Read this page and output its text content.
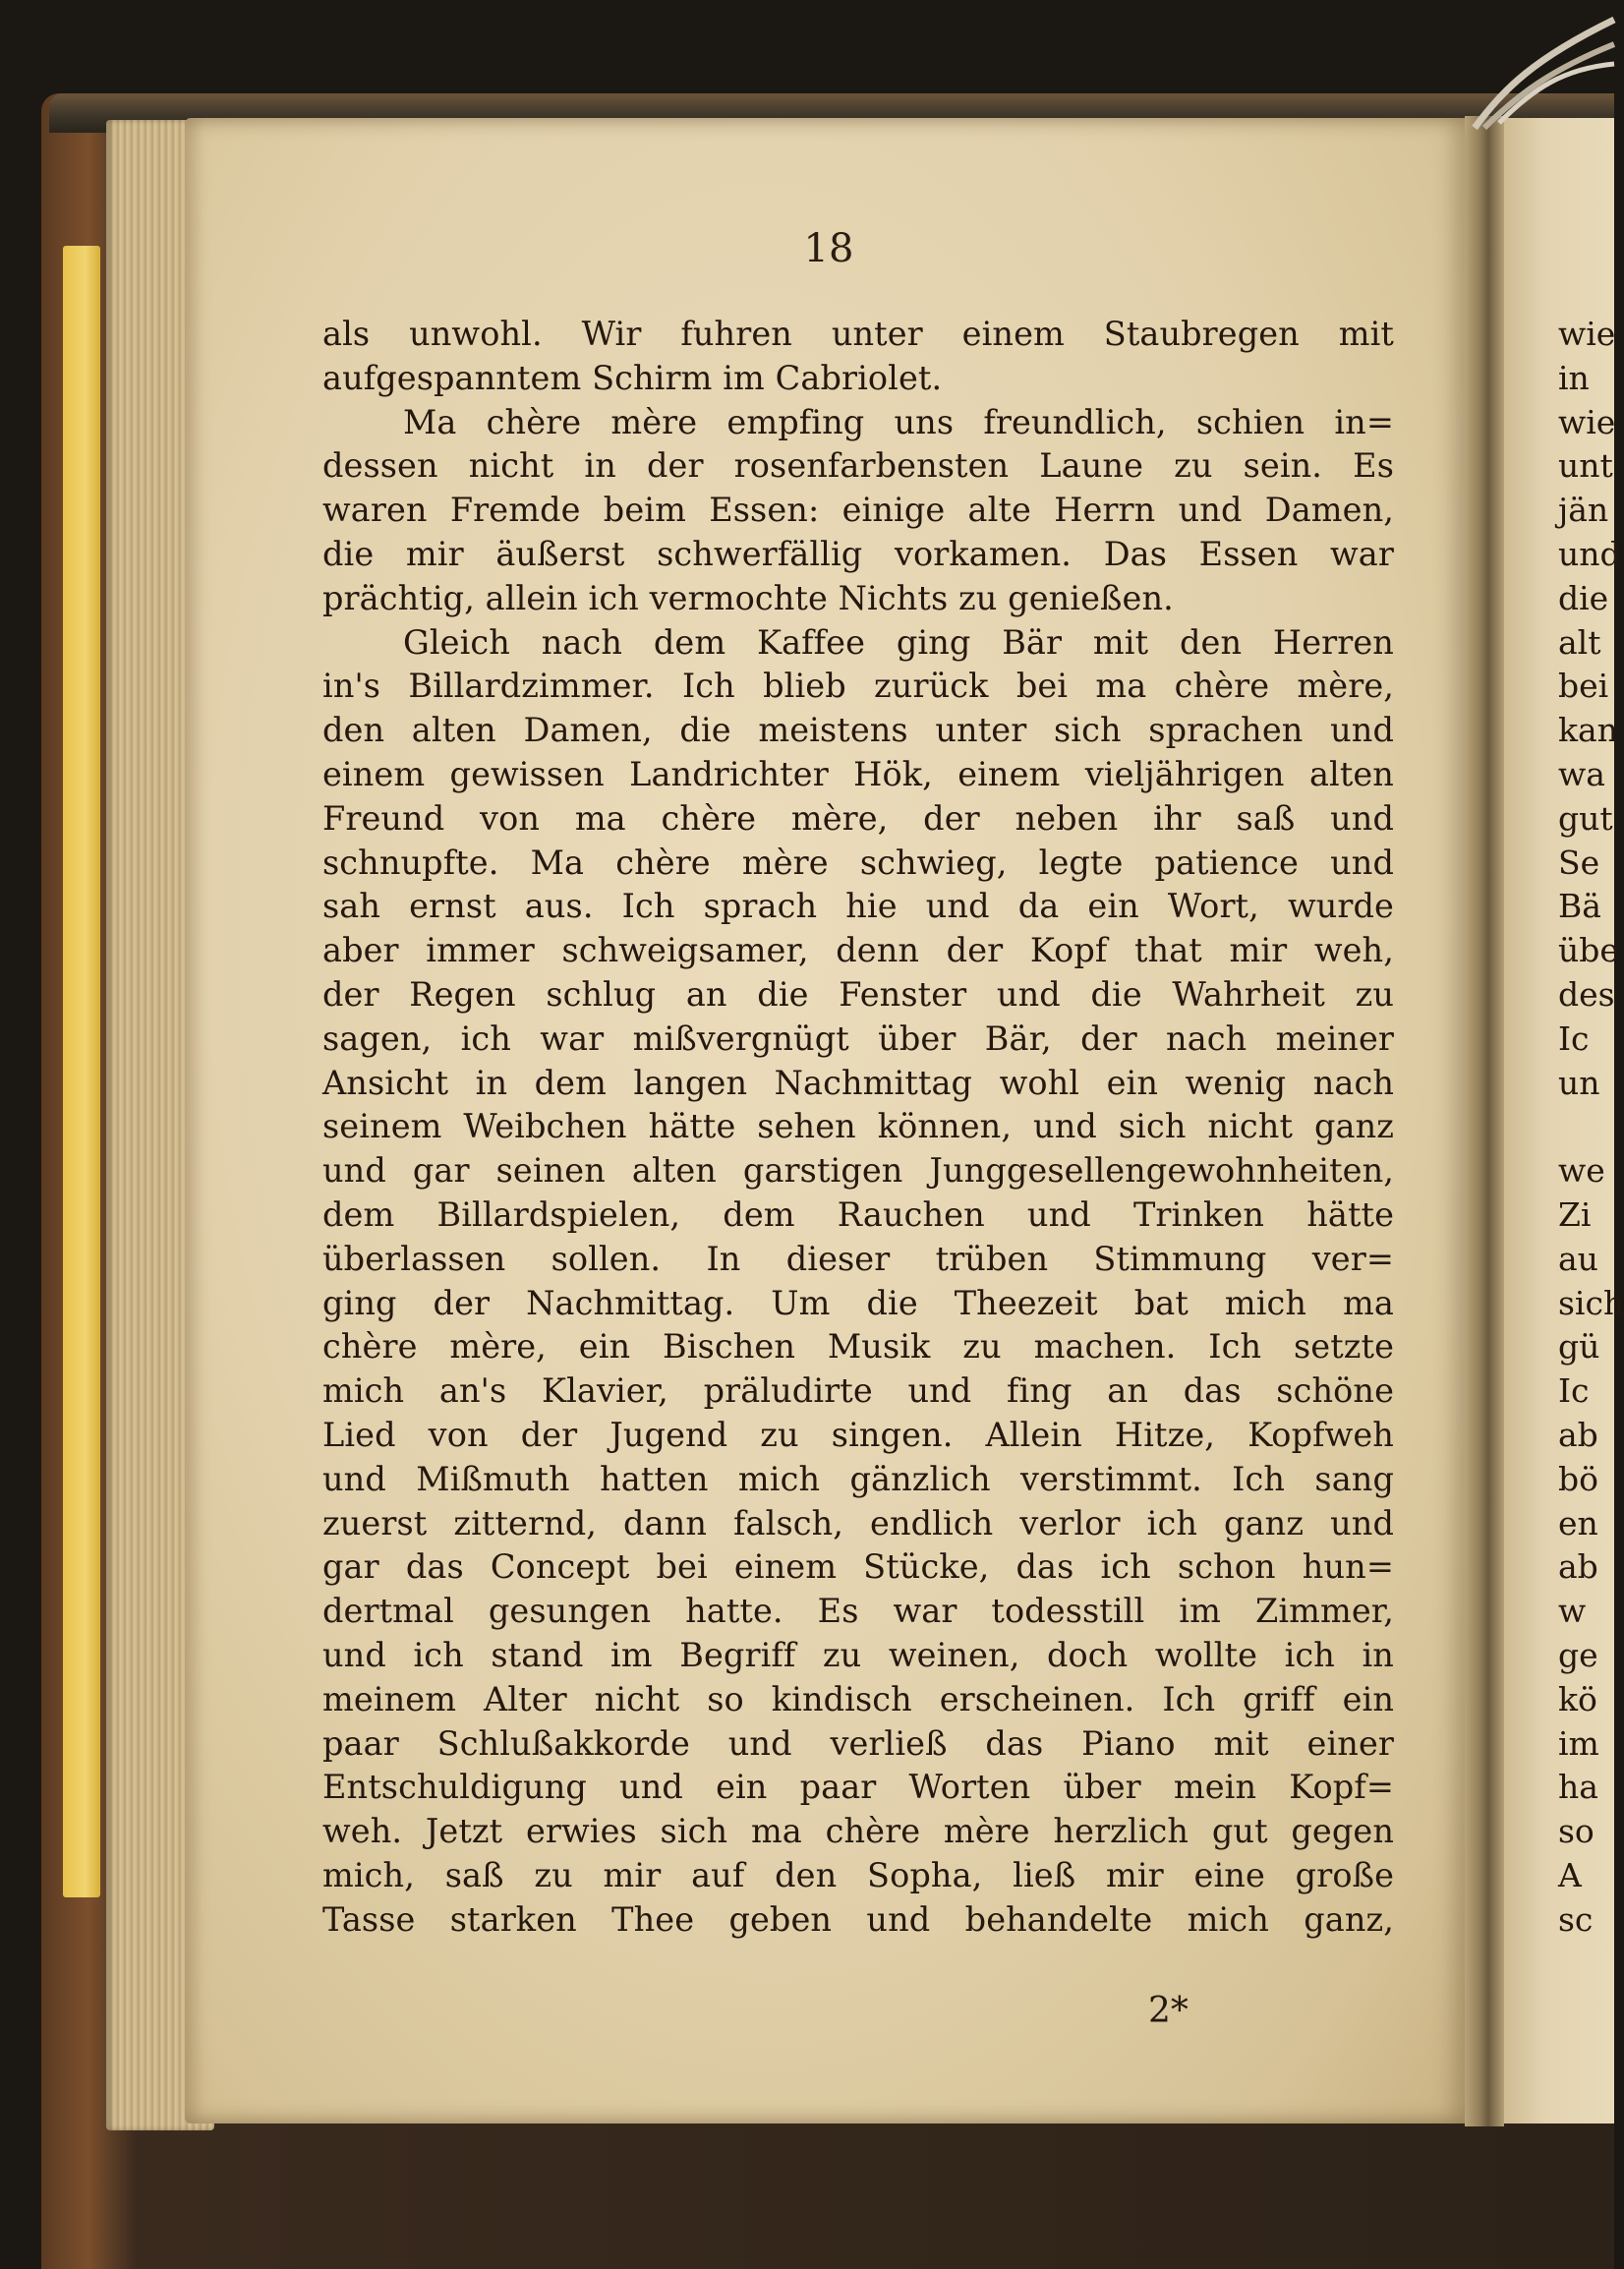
18
als unwohl. Wir fuhren unter einem Staubregen mit
aufgespanntem Schirm im Cabriolet.
Ma chère mère empfing uns freundlich, schien in=
dessen nicht in der rosenfarbensten Laune zu sein. Es
waren Fremde beim Essen: einige alte Herrn und Damen,
die mir äußerst schwerfällig vorkamen. Das Essen war
prächtig, allein ich vermochte Nichts zu genießen.
Gleich nach dem Kaffee ging Bär mit den Herren
in's Billardzimmer. Ich blieb zurück bei ma chère mère,
den alten Damen, die meistens unter sich sprachen und
einem gewissen Landrichter Hök, einem vieljährigen alten
Freund von ma chère mère, der neben ihr saß und
schnupfte. Ma chère mère schwieg, legte patience und
sah ernst aus. Ich sprach hie und da ein Wort, wurde
aber immer schweigsamer, denn der Kopf that mir weh,
der Regen schlug an die Fenster und die Wahrheit zu
sagen, ich war mißvergnügt über Bär, der nach meiner
Ansicht in dem langen Nachmittag wohl ein wenig nach
seinem Weibchen hätte sehen können, und sich nicht ganz
und gar seinen alten garstigen Junggesellengewohnheiten,
dem Billardspielen, dem Rauchen und Trinken hätte
überlassen sollen. In dieser trüben Stimmung ver=
ging der Nachmittag. Um die Theezeit bat mich ma
chère mère, ein Bischen Musik zu machen. Ich setzte
mich an's Klavier, präludirte und fing an das schöne
Lied von der Jugend zu singen. Allein Hitze, Kopfweh
und Mißmuth hatten mich gänzlich verstimmt. Ich sang
zuerst zitternd, dann falsch, endlich verlor ich ganz und
gar das Concept bei einem Stücke, das ich schon hun=
dertmal gesungen hatte. Es war todesstill im Zimmer,
und ich stand im Begriff zu weinen, doch wollte ich in
meinem Alter nicht so kindisch erscheinen. Ich griff ein
paar Schlußakkorde und verließ das Piano mit einer
Entschuldigung und ein paar Worten über mein Kopf=
weh. Jetzt erwies sich ma chère mère herzlich gut gegen
mich, saß zu mir auf den Sopha, ließ mir eine große
Tasse starken Thee geben und behandelte mich ganz,
2*
wie
in
wie
unt
jän
und
die
alt
bei
kan
wa
gut
Se
Bä
übe
des
Ic
un
we
Zi
au
sich
gü
Ic
ab
bö
en
ab
w
ge
kö
im
ha
so
A
sc
